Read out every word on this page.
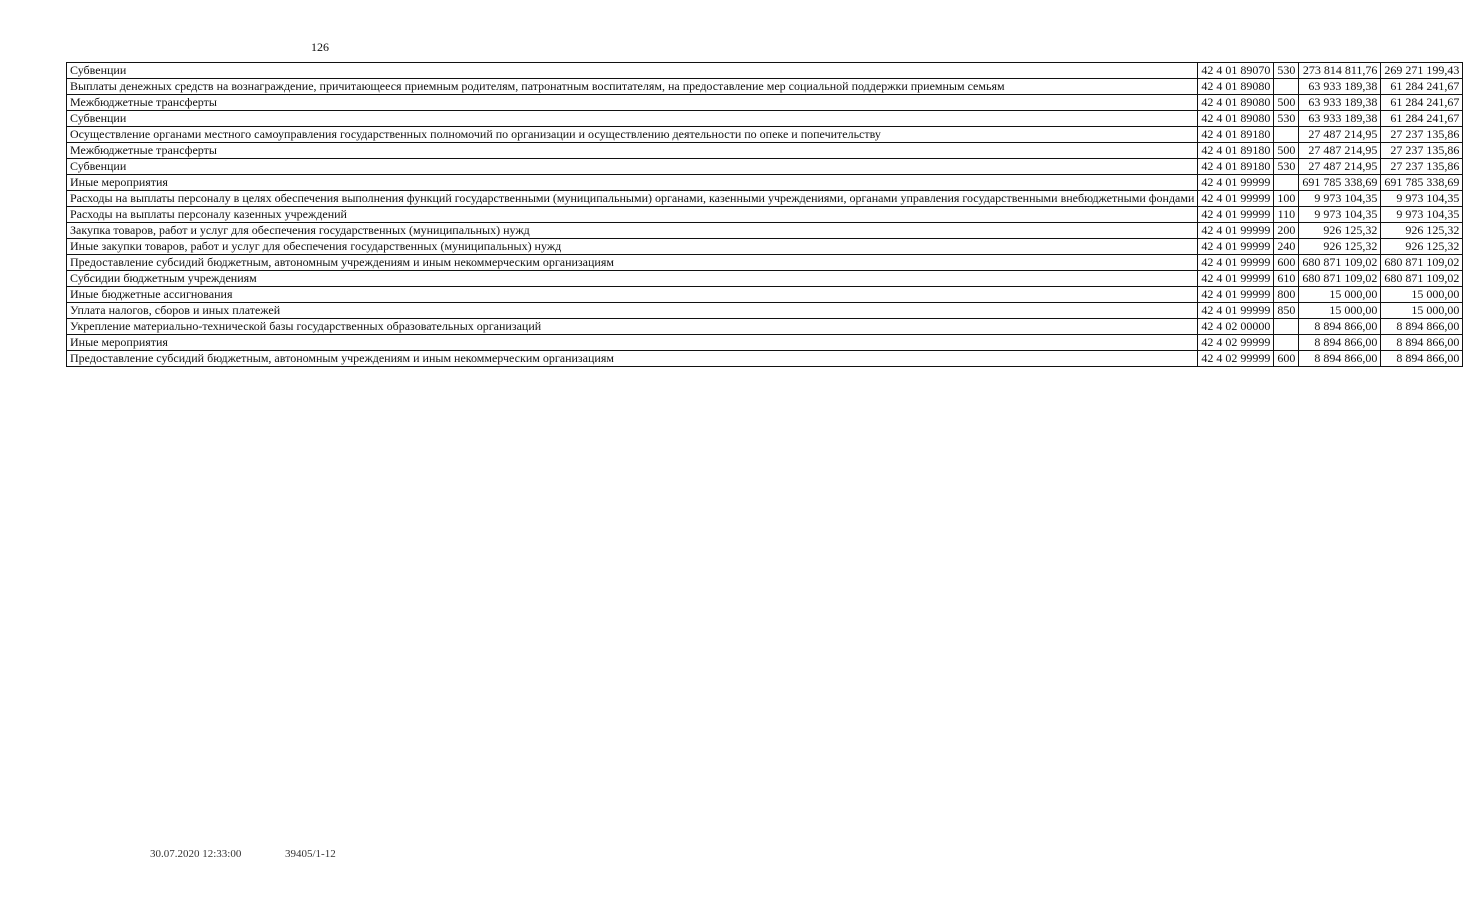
126
Субвенции	42 4 01 89070	530	273 814 811,76	269 271 199,43
Выплаты денежных средств на вознаграждение, причитающееся приемным родителям, патронатным воспитателям, на предоставление мер социальной поддержки приемным семьям	42 4 01 89080		63 933 189,38	61 284 241,67
Межбюджетные трансферты	42 4 01 89080	500	63 933 189,38	61 284 241,67
Субвенции	42 4 01 89080	530	63 933 189,38	61 284 241,67
Осуществление органами местного самоуправления государственных полномочий по организации и осуществлению деятельности по опеке и попечительству	42 4 01 89180		27 487 214,95	27 237 135,86
Межбюджетные трансферты	42 4 01 89180	500	27 487 214,95	27 237 135,86
Субвенции	42 4 01 89180	530	27 487 214,95	27 237 135,86
Иные мероприятия	42 4 01 99999		691 785 338,69	691 785 338,69
Расходы на выплаты персоналу в целях обеспечения выполнения функций государственными (муниципальными) органами, казенными учреждениями, органами управления государственными внебюджетными фондами	42 4 01 99999	100	9 973 104,35	9 973 104,35
Расходы на выплаты персоналу казенных учреждений	42 4 01 99999	110	9 973 104,35	9 973 104,35
Закупка товаров, работ и услуг для обеспечения государственных (муниципальных) нужд	42 4 01 99999	200	926 125,32	926 125,32
Иные закупки товаров, работ и услуг для обеспечения государственных (муниципальных) нужд	42 4 01 99999	240	926 125,32	926 125,32
Предоставление субсидий бюджетным, автономным учреждениям и иным некоммерческим организациям	42 4 01 99999	600	680 871 109,02	680 871 109,02
Субсидии бюджетным учреждениям	42 4 01 99999	610	680 871 109,02	680 871 109,02
Иные бюджетные ассигнования	42 4 01 99999	800	15 000,00	15 000,00
Уплата налогов, сборов и иных платежей	42 4 01 99999	850	15 000,00	15 000,00
Укрепление материально-технической базы государственных образовательных организаций	42 4 02 00000		8 894 866,00	8 894 866,00
Иные мероприятия	42 4 02 99999		8 894 866,00	8 894 866,00
Предоставление субсидий бюджетным, автономным учреждениям и иным некоммерческим организациям	42 4 02 99999	600	8 894 866,00	8 894 866,00
30.07.2020 12:33:00	39405/1-12
